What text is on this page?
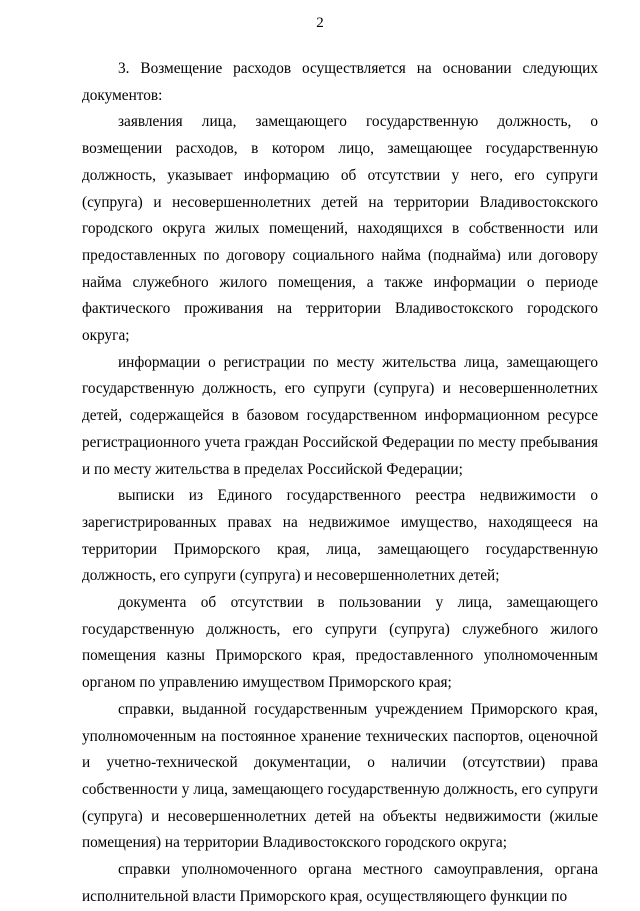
2

3. Возмещение расходов осуществляется на основании следующих документов:

заявления лица, замещающего государственную должность, о возмещении расходов, в котором лицо, замещающее государственную должность, указывает информацию об отсутствии у него, его супруги (супруга) и несовершеннолетних детей на территории Владивостокского городского округа жилых помещений, находящихся в собственности или предоставленных по договору социального найма (поднайма) или договору найма служебного жилого помещения, а также информации о периоде фактического проживания на территории Владивостокского городского округа;

информации о регистрации по месту жительства лица, замещающего государственную должность, его супруги (супруга) и несовершеннолетних детей, содержащейся в базовом государственном информационном ресурсе регистрационного учета граждан Российской Федерации по месту пребывания и по месту жительства в пределах Российской Федерации;

выписки из Единого государственного реестра недвижимости о зарегистрированных правах на недвижимое имущество, находящееся на территории Приморского края, лица, замещающего государственную должность, его супруги (супруга) и несовершеннолетних детей;

документа об отсутствии в пользовании у лица, замещающего государственную должность, его супруги (супруга) служебного жилого помещения казны Приморского края, предоставленного уполномоченным органом по управлению имуществом Приморского края;

справки, выданной государственным учреждением Приморского края, уполномоченным на постоянное хранение технических паспортов, оценочной и учетно-технической документации, о наличии (отсутствии) права собственности у лица, замещающего государственную должность, его супруги (супруга) и несовершеннолетних детей на объекты недвижимости (жилые помещения) на территории Владивостокского городского округа;

справки уполномоченного органа местного самоуправления, органа исполнительной власти Приморского края, осуществляющего функции по
